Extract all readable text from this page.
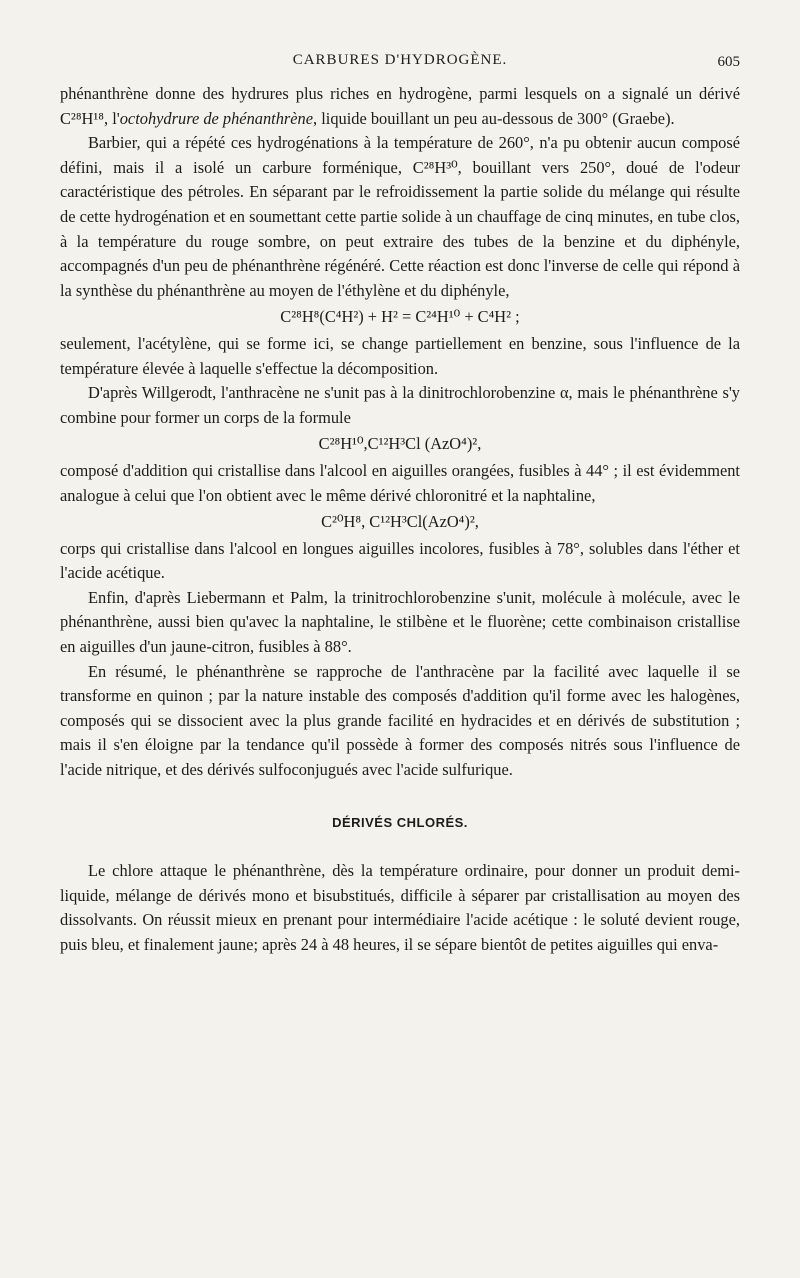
CARBURES D'HYDROGÈNE.	605

phénanthrène donne des hydrures plus riches en hydrogène, parmi lesquels on a signalé un dérivé C²⁸H¹⁸, l'octohydrure de phénanthrène, liquide bouillant un peu au-dessous de 300° (Graebe).

Barbier, qui a répété ces hydrogénations à la température de 260°, n'a pu obtenir aucun composé défini, mais il a isolé un carbure forménique, C²⁸H³⁰, bouillant vers 250°, doué de l'odeur caractéristique des pétroles. En séparant par le refroidissement la partie solide du mélange qui résulte de cette hydrogénation et en soumettant cette partie solide à un chauffage de cinq minutes, en tube clos, à la température du rouge sombre, on peut extraire des tubes de la benzine et du diphényle, accompagnés d'un peu de phénanthrène régénéré. Cette réaction est donc l'inverse de celle qui répond à la synthèse du phénanthrène au moyen de l'éthylène et du diphényle,

C²⁸H⁸(C⁴H²) + H² = C²⁴H¹⁰ + C⁴H² ;

seulement, l'acétylène, qui se forme ici, se change partiellement en benzine, sous l'influence de la température élevée à laquelle s'effectue la décomposition.

D'après Willgerodt, l'anthracène ne s'unit pas à la dinitrochlorobenzine α, mais le phénanthrène s'y combine pour former un corps de la formule

C²⁸H¹⁰,C¹²H³Cl (AzO⁴)²,

composé d'addition qui cristallise dans l'alcool en aiguilles orangées, fusibles à 44° ; il est évidemment analogue à celui que l'on obtient avec le même dérivé chloronitré et la naphtaline,

C²⁰H⁸, C¹²H³Cl(AzO⁴)²,

corps qui cristallise dans l'alcool en longues aiguilles incolores, fusibles à 78°, solubles dans l'éther et l'acide acétique.

Enfin, d'après Liebermann et Palm, la trinitrochlorobenzine s'unit, molécule à molécule, avec le phénanthrène, aussi bien qu'avec la naphtaline, le stilbène et le fluorène; cette combinaison cristallise en aiguilles d'un jaune-citron, fusibles à 88°.

En résumé, le phénanthrène se rapproche de l'anthracène par la facilité avec laquelle il se transforme en quinon ; par la nature instable des composés d'addition qu'il forme avec les halogènes, composés qui se dissocient avec la plus grande facilité en hydracides et en dérivés de substitution ; mais il s'en éloigne par la tendance qu'il possède à former des composés nitrés sous l'influence de l'acide nitrique, et des dérivés sulfoconjugués avec l'acide sulfurique.

DÉRIVÉS CHLORÉS.

Le chlore attaque le phénanthrène, dès la température ordinaire, pour donner un produit demi-liquide, mélange de dérivés mono et bisubstitués, difficile à séparer par cristallisation au moyen des dissolvants. On réussit mieux en prenant pour intermédiaire l'acide acétique : le soluté devient rouge, puis bleu, et finalement jaune; après 24 à 48 heures, il se sépare bientôt de petites aiguilles qui enva-
